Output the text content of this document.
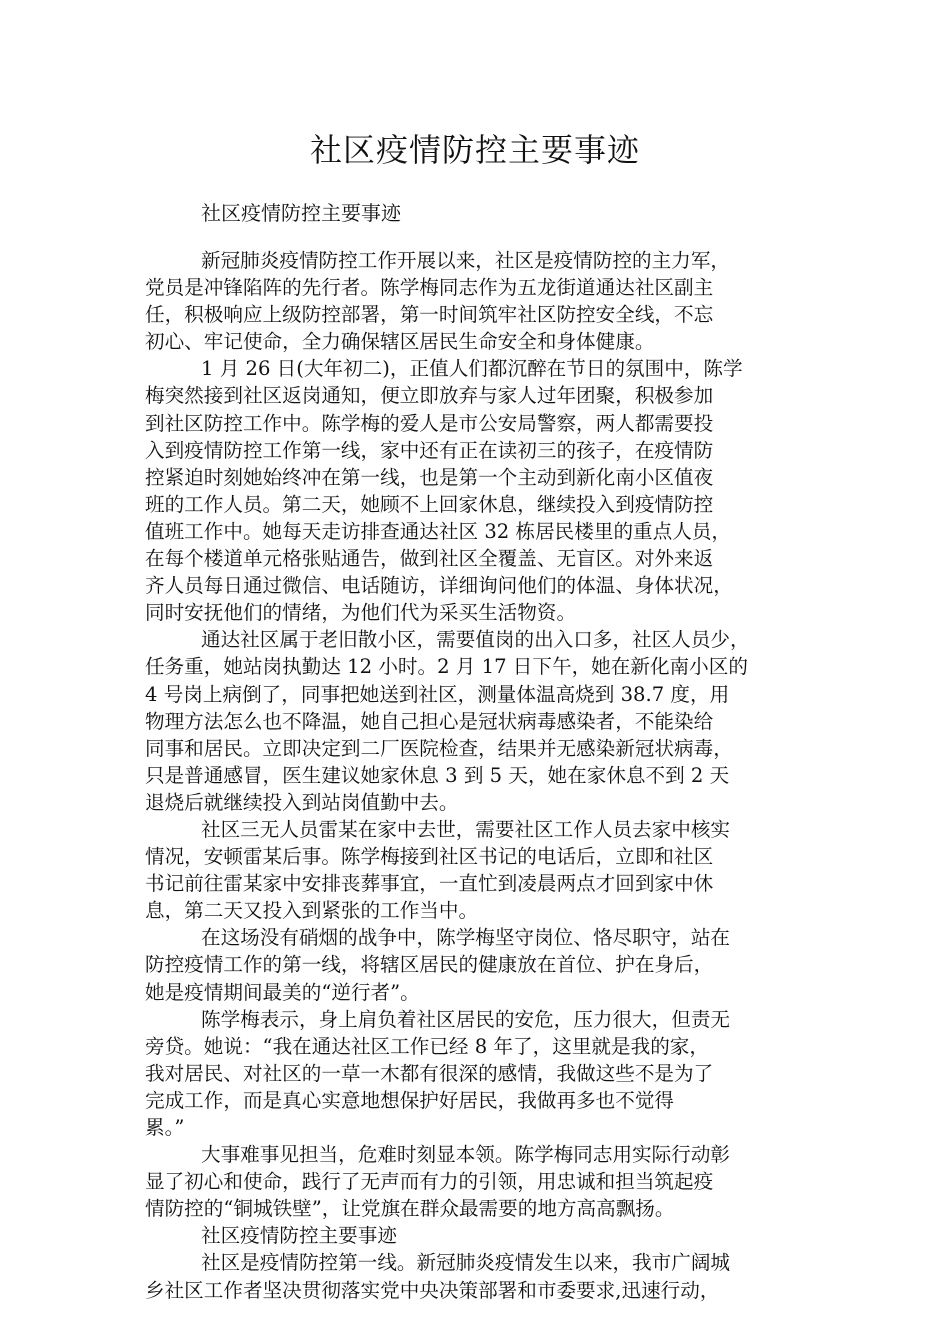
社区疫情防控主要事迹
社区疫情防控主要事迹
新冠肺炎疫情防控工作开展以来，社区是疫情防控的主力军，
党员是冲锋陷阵的先行者。陈学梅同志作为五龙街道通达社区副主
任，积极响应上级防控部署，第一时间筑牢社区防控安全线，不忘
初心、牢记使命，全力确保辖区居民生命安全和身体健康。
1 月 26 日(大年初二)，正值人们都沉醉在节日的氛围中，陈学
梅突然接到社区返岗通知，便立即放弃与家人过年团聚，积极参加
到社区防控工作中。陈学梅的爱人是市公安局警察，两人都需要投
入到疫情防控工作第一线，家中还有正在读初三的孩子，在疫情防
控紧迫时刻她始终冲在第一线，也是第一个主动到新化南小区值夜
班的工作人员。第二天，她顾不上回家休息，继续投入到疫情防控
值班工作中。她每天走访排查通达社区 32 栋居民楼里的重点人员，
在每个楼道单元格张贴通告，做到社区全覆盖、无盲区。对外来返
齐人员每日通过微信、电话随访，详细询问他们的体温、身体状况，
同时安抚他们的情绪，为他们代为采买生活物资。
通达社区属于老旧散小区，需要值岗的出入口多，社区人员少，
任务重，她站岗执勤达 12 小时。2 月 17 日下午，她在新化南小区的
4 号岗上病倒了，同事把她送到社区，测量体温高烧到 38.7 度，用
物理方法怎么也不降温，她自己担心是冠状病毒感染者，不能染给
同事和居民。立即决定到二厂医院检查，结果并无感染新冠状病毒，
只是普通感冒，医生建议她家休息 3 到 5 天，她在家休息不到 2 天
退烧后就继续投入到站岗值勤中去。
社区三无人员雷某在家中去世，需要社区工作人员去家中核实
情况，安顿雷某后事。陈学梅接到社区书记的电话后，立即和社区
书记前往雷某家中安排丧葬事宜，一直忙到凌晨两点才回到家中休
息，第二天又投入到紧张的工作当中。
在这场没有硝烟的战争中，陈学梅坚守岗位、恪尽职守，站在
防控疫情工作的第一线，将辖区居民的健康放在首位、护在身后，
她是疫情期间最美的“逆行者”。
陈学梅表示，身上肩负着社区居民的安危，压力很大，但责无
旁贷。她说：“我在通达社区工作已经 8 年了，这里就是我的家，
我对居民、对社区的一草一木都有很深的感情，我做这些不是为了
完成工作，而是真心实意地想保护好居民，我做再多也不觉得
累。”
大事难事见担当，危难时刻显本领。陈学梅同志用实际行动彰
显了初心和使命，践行了无声而有力的引领，用忠诚和担当筑起疫
情防控的“铜城铁壁”，让党旗在群众最需要的地方高高飘扬。
社区疫情防控主要事迹
社区是疫情防控第一线。新冠肺炎疫情发生以来，我市广阔城
乡社区工作者坚决贯彻落实党中央决策部署和市委要求,迅速行动，
